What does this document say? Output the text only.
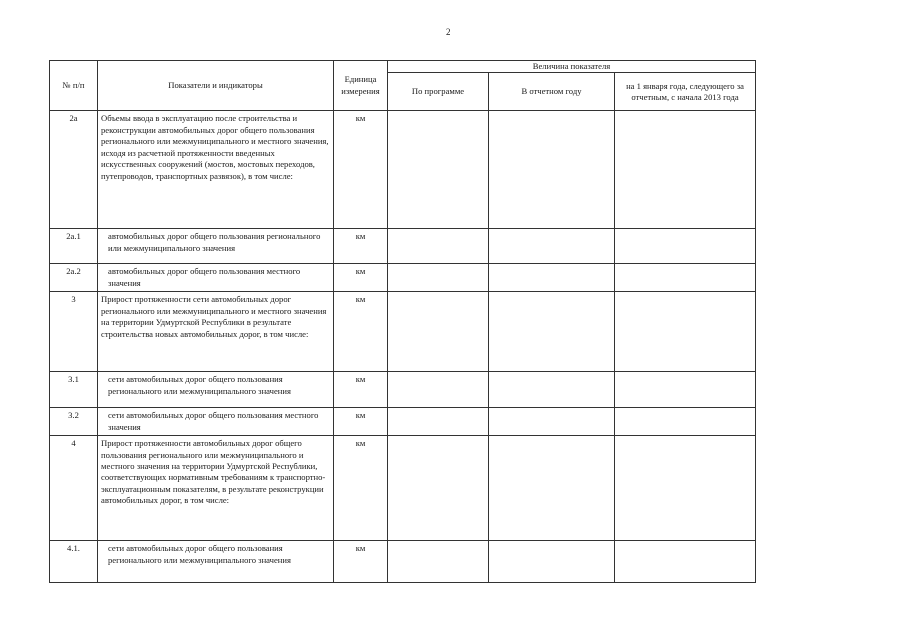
2
№ п/п	Показатели и индикаторы	Единица измерения	Величина показателя		
			По программе	В отчетном году	на 1 января года, следующего за отчетным, с начала 2013 года
2а	Объемы ввода в эксплуатацию после строительства и реконструкции автомобильных дорог общего пользования регионального или межмуниципального и местного значения, исходя из расчетной протяженности введенных искусственных сооружений (мостов, мостовых переходов, путепроводов, транспортных развязок), в том числе:	км			
2а.1	автомобильных дорог общего пользования регионального или межмуниципального значения	км			
2а.2	автомобильных дорог общего пользования местного значения	км			
3	Прирост протяженности сети автомобильных дорог регионального или межмуниципального и местного значения на территории Удмуртской Республики в результате строительства новых автомобильных дорог, в том числе:	км			
3.1	сети автомобильных дорог общего пользования регионального или межмуниципального значения	км			
3.2	сети автомобильных дорог общего пользования местного значения	км			
4	Прирост протяженности автомобильных дорог общего пользования регионального или межмуниципального и местного значения на территории Удмуртской Республики, соответствующих нормативным требованиям к транспортно-эксплуатационным показателям, в результате реконструкции автомобильных дорог, в том числе:	км			
4.1.	сети автомобильных дорог общего пользования регионального или межмуниципального значения	км			
